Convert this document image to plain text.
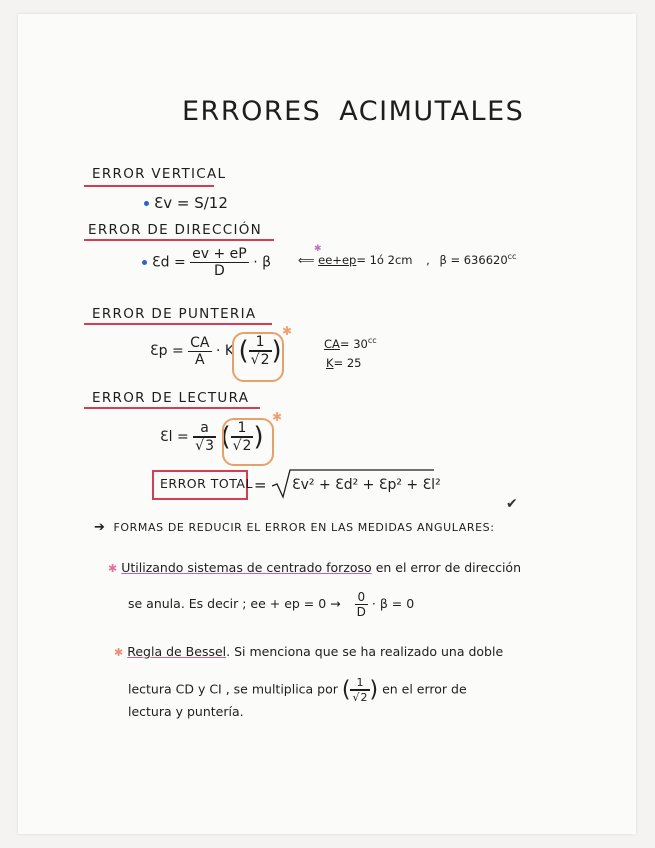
ERRORES ACIMUTALES
ERROR VERTICAL
Ɛv = S/12
ERROR DE DIRECCIÓN
Ɛd = $\frac{ev + eP}{D} \cdot \beta$ ⟸ ee+ep= 1ó 2cm , $\beta = 636620^{cc}$
✱
ERROR DE PUNTERIA
Ɛp = $\frac{CA}{A} \cdot K$ ( 1
√ 2 )
✱
$CA= 30^{cc}$
K= 25
ERROR DE LECTURA
Ɛl = a
√ 3 ( 1
√ 2 )
✱
ERROR TOTAL = Ɛv² + Ɛd² + Ɛp² + Ɛl²
✔
➔ FORMAS DE REDUCIR EL ERROR EN LAS MEDIDAS ANGULARES:
✱ Utilizando sistemas de centrado forzoso en el error de dirección
se anula. Es decir ; ee + ep = $0 \to \frac{0}{D} \cdot \beta = 0$
✱ Regla de Bessel. Si menciona que se ha realizado una doble
lectura CD y CI , se multiplica por ( 1
√ 2 ) en el error de
lectura y puntería.
